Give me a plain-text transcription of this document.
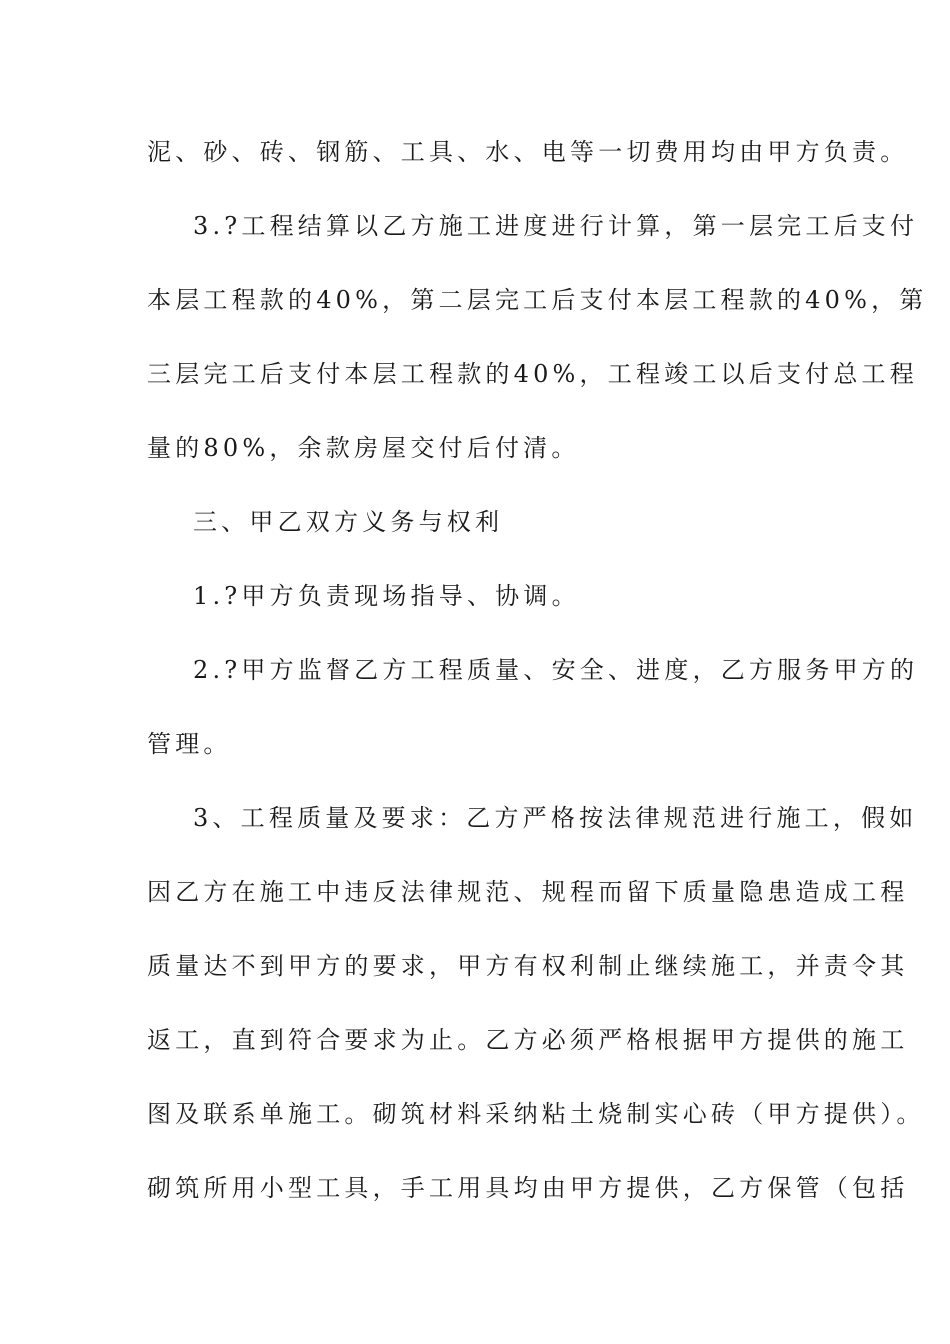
泥、砂、砖、钢筋、工具、水、电等一切费用均由甲方负责。
3.?工程结算以乙方施工进度进行计算，第一层完工后支付
本层工程款的40%，第二层完工后支付本层工程款的40%，第
三层完工后支付本层工程款的40%，工程竣工以后支付总工程
量的80%，余款房屋交付后付清。
三、甲乙双方义务与权利
1.?甲方负责现场指导、协调。
2.?甲方监督乙方工程质量、安全、进度，乙方服务甲方的
管理。
3、工程质量及要求：乙方严格按法律规范进行施工，假如
因乙方在施工中违反法律规范、规程而留下质量隐患造成工程
质量达不到甲方的要求，甲方有权利制止继续施工，并责令其
返工，直到符合要求为止。乙方必须严格根据甲方提供的施工
图及联系单施工。砌筑材料采纳粘土烧制实心砖（甲方提供）。
砌筑所用小型工具，手工用具均由甲方提供，乙方保管（包括
